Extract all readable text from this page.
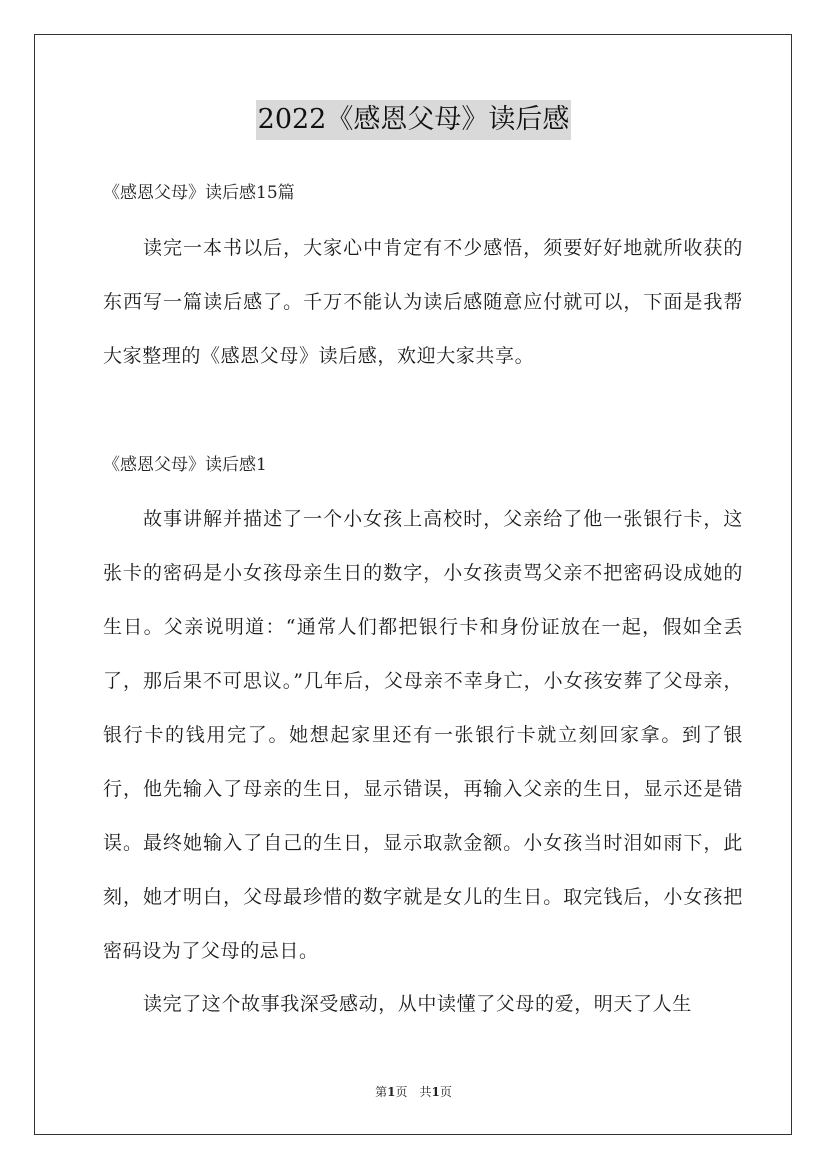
2022《感恩父母》读后感
《感恩父母》读后感15篇

读完一本书以后，大家心中肯定有不少感悟，须要好好地就所收获的东西写一篇读后感了。千万不能认为读后感随意应付就可以，下面是我帮大家整理的《感恩父母》读后感，欢迎大家共享。

《感恩父母》读后感1

故事讲解并描述了一个小女孩上高校时，父亲给了他一张银行卡，这张卡的密码是小女孩母亲生日的数字，小女孩责骂父亲不把密码设成她的生日。父亲说明道：“通常人们都把银行卡和身份证放在一起，假如全丢了，那后果不可思议。”几年后，父母亲不幸身亡，小女孩安葬了父母亲，银行卡的钱用完了。她想起家里还有一张银行卡就立刻回家拿。到了银行，他先输入了母亲的生日，显示错误，再输入父亲的生日，显示还是错误。最终她输入了自己的生日，显示取款金额。小女孩当时泪如雨下，此刻，她才明白，父母最珍惜的数字就是女儿的生日。取完钱后，小女孩把密码设为了父母的忌日。

读完了这个故事我深受感动，从中读懂了父母的爱，明天了人生

第1页　共1页
